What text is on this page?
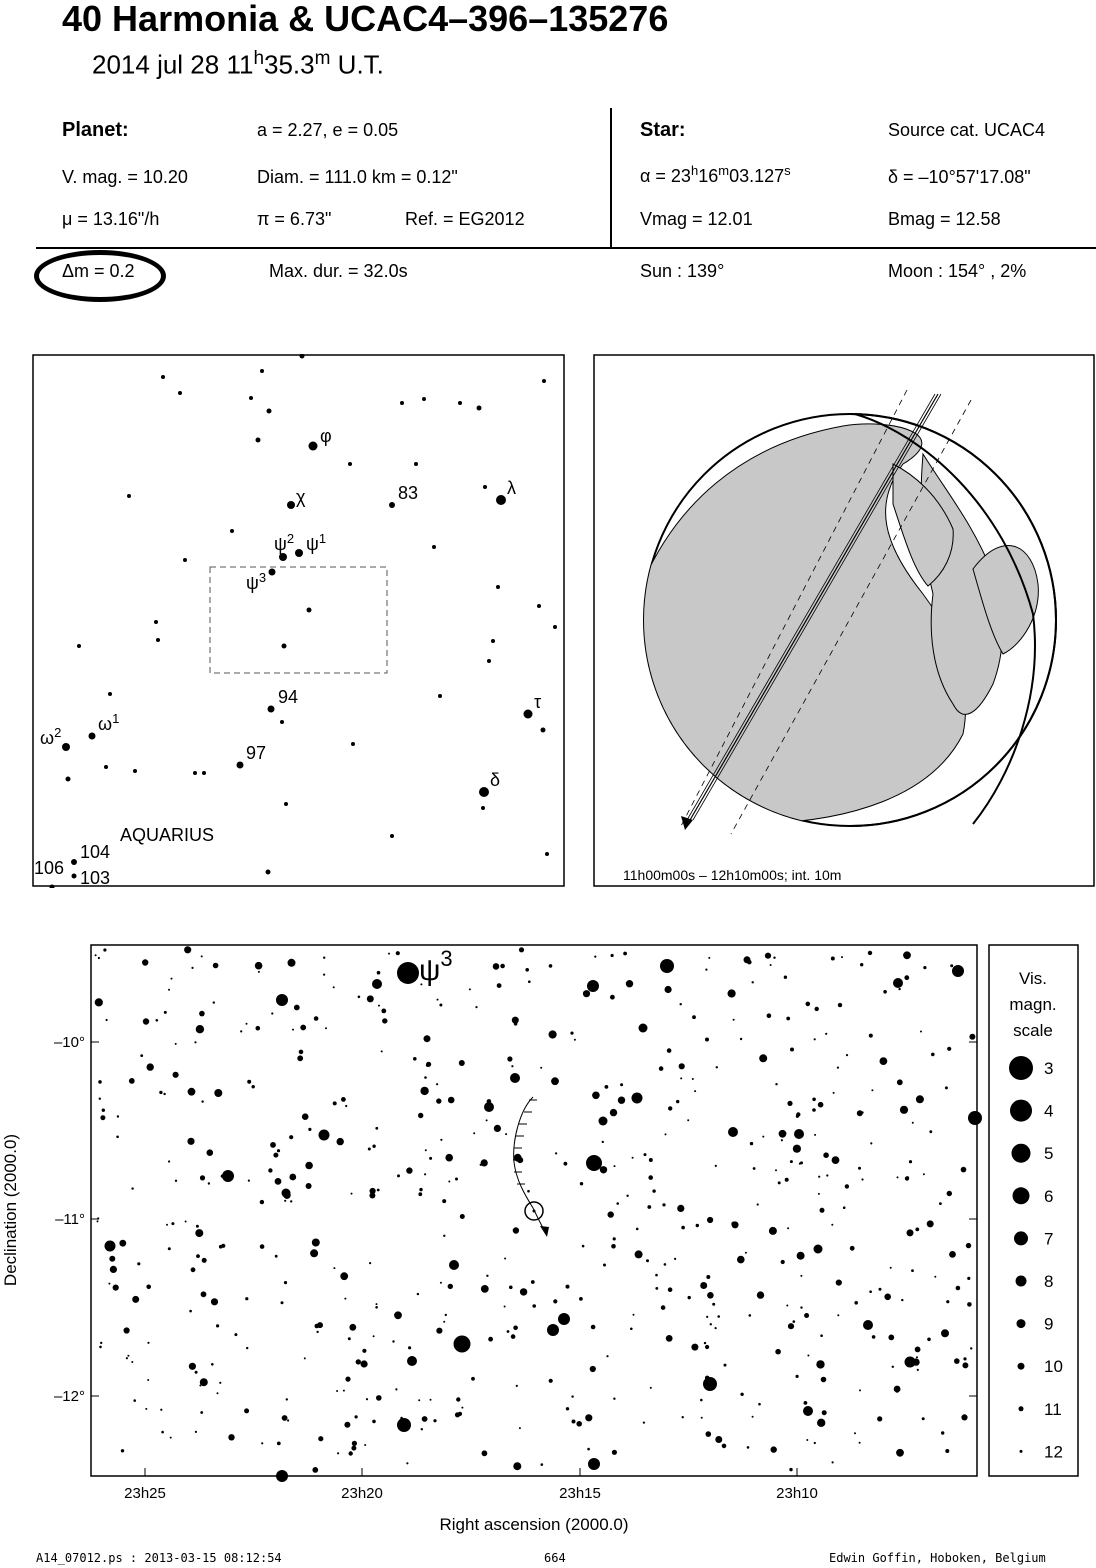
40 Harmonia & UCAC4–396–135276
2014 jul 28 11$^h$35.3$^m$ U.T.
Planet:	a = 2.27, e = 0.05
V. mag. = 10.20	Diam. = 111.0 km = 0.12"
μ = 13.16"/h	π = 6.73"	Ref. = EG2012
Star:	Source cat. UCAC4
$\alpha = 23^h16^m03.127^s$	δ = –10°57'17.08"
Vmag = 12.01	Bmag = 12.58
Δm = 0.2	Max. dur. = 32.0s	Sun : 139°	Moon : 154° , 2%
φ
χ	83	λ
$\psi^2$ $\psi^1$
$\psi^3$
94	τ
$\omega^2$ $\omega^1$
97
δ
AQUARIUS
104
106 103	11h00m00s – 12h10m00s; int. 10m
$\psi^3$
–10°
–11°
–12°
23h25	23h20	23h15	23h10
Right ascension (2000.0)
Declination (2000.0)
Vis.
magn.
scale
3
4
5
6
7
8
9
10
11
12
A14_07012.ps : 2013-03-15 08:12:54	664	Edwin Goffin, Hoboken, Belgium
